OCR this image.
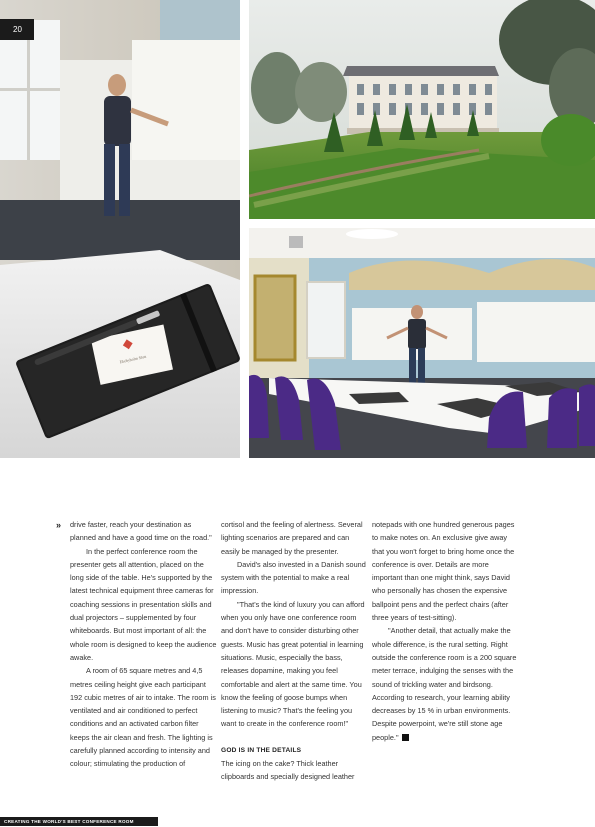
Ekebyholm Slott
20
» drive faster, reach your destination as planned and have a good time on the road."

In the perfect conference room the presenter gets all attention, placed on the long side of the table. He's supported by the latest technical equipment three cameras for coaching sessions in presentation skills and dual projectors – supplemented by four whiteboards. But most important of all: the whole room is designed to keep the audience awake.

A room of 65 square metres and 4,5 metres ceiling height give each participant 192 cubic metres of air to intake. The room is ventilated and air conditioned to perfect conditions and an activated carbon filter keeps the air clean and fresh. The lighting is carefully planned according to intensity and colour; stimulating the production of

cortisol and the feeling of alertness. Several lighting scenarios are prepared and can easily be managed by the presenter.

David's also invested in a Danish sound system with the potential to make a real impression.

"That's the kind of luxury you can afford when you only have one conference room and don't have to consider disturbing other guests. Music has great potential in learning situations. Music, especially the bass, releases dopamine, making you feel comfortable and alert at the same time. You know the feeling of goose bumps when listening to music? That's the feeling you want to create in the conference room!"

GOD IS IN THE DETAILS

The icing on the cake? Thick leather clipboards and specially designed leather

notepads with one hundred generous pages to make notes on. An exclusive give away that you won't forget to bring home once the conference is over. Details are more important than one might think, says David who personally has chosen the expensive ballpoint pens and the perfect chairs (after three years of test-sitting).

"Another detail, that actually make the whole difference, is the rural setting. Right outside the conference room is a 200 square meter terrace, indulging the senses with the sound of trickling water and birdsong. According to research, your learning ability decreases by 15 % in urban environments. Despite powerpoint, we're still stone age people."

CREATING THE WORLD'S BEST CONFERENCE ROOM
